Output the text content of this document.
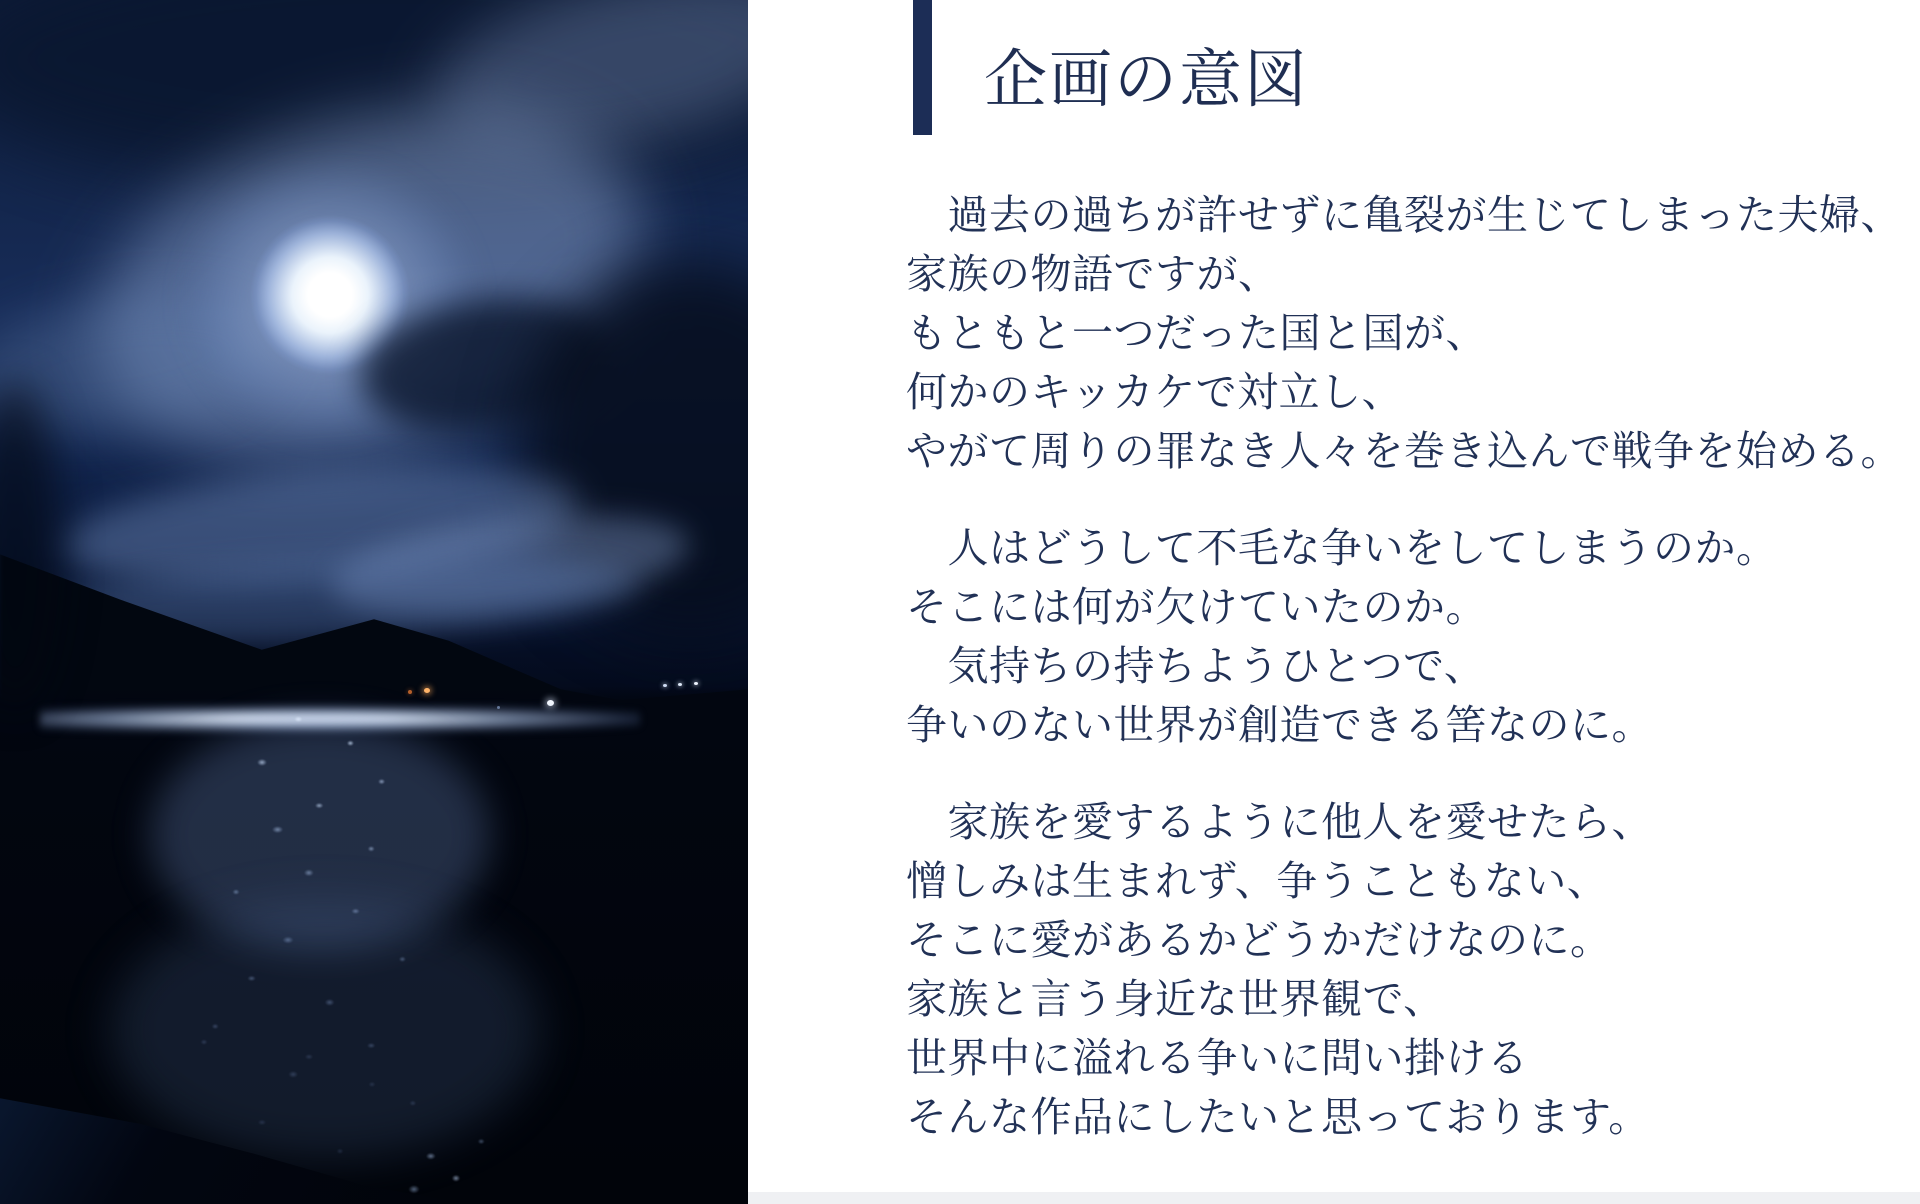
企画の意図
　過去の過ちが許せずに亀裂が生じてしまった夫婦、
家族の物語ですが、
もともと一つだった国と国が、
何かのキッカケで対立し、
やがて周りの罪なき人々を巻き込んで戦争を始める。
　人はどうして不毛な争いをしてしまうのか。
そこには何が欠けていたのか。
　気持ちの持ちようひとつで、
争いのない世界が創造できる筈なのに。
　家族を愛するように他人を愛せたら、
憎しみは生まれず、争うこともない、
そこに愛があるかどうかだけなのに。
家族と言う身近な世界観で、
世界中に溢れる争いに問い掛ける
そんな作品にしたいと思っております。
